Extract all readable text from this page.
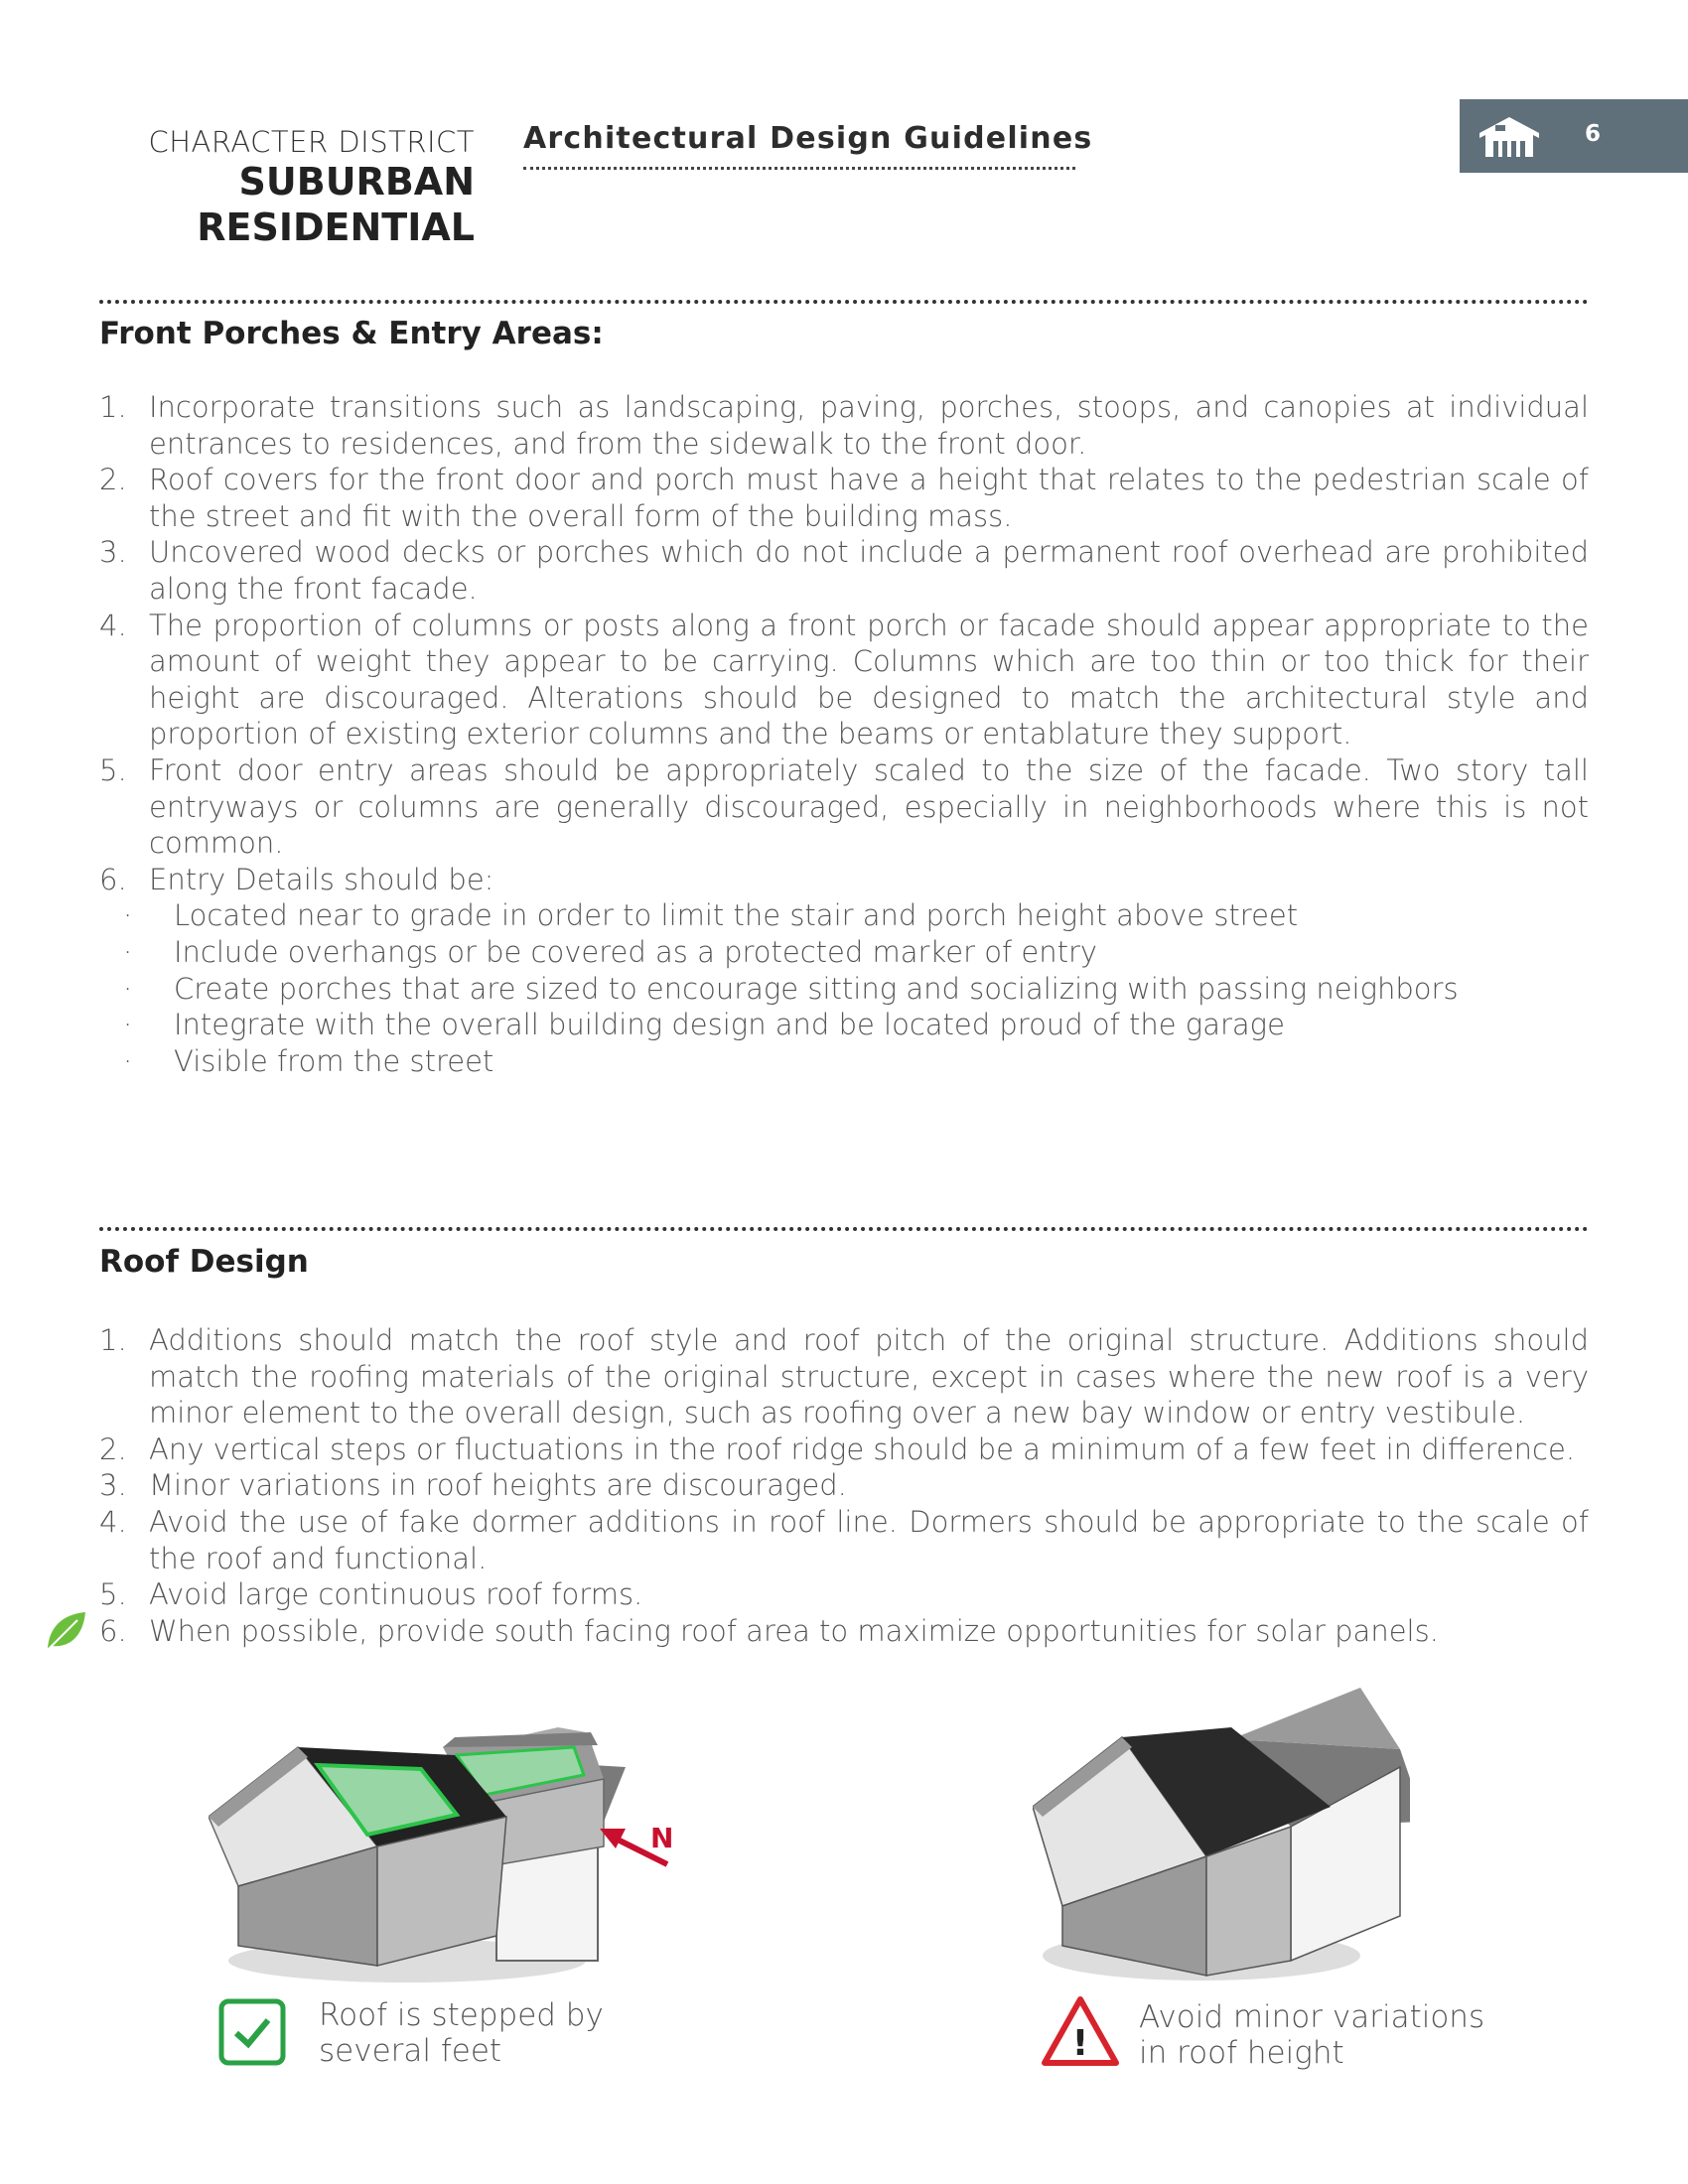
CHARACTER DISTRICT
SUBURBAN
RESIDENTIAL
Architectural Design Guidelines	6
Front Porches & Entry Areas:
1. Incorporate transitions such as landscaping, paving, porches, stoops, and canopies at individual entrances to residences, and from the sidewalk to the front door.
2. Roof covers for the front door and porch must have a height that relates to the pedestrian scale of the street and fit with the overall form of the building mass.
3. Uncovered wood decks or porches which do not include a permanent roof overhead are prohibited along the front facade.
4. The proportion of columns or posts along a front porch or facade should appear appropriate to the amount of weight they appear to be carrying. Columns which are too thin or too thick for their height are discouraged. Alterations should be designed to match the architectural style and proportion of existing exterior columns and the beams or entablature they support.
5. Front door entry areas should be appropriately scaled to the size of the facade. Two story tall entryways or columns are generally discouraged, especially in neighborhoods where this is not common.
6. Entry Details should be:
· Located near to grade in order to limit the stair and porch height above street
· Include overhangs or be covered as a protected marker of entry
· Create porches that are sized to encourage sitting and socializing with passing neighbors
· Integrate with the overall building design and be located proud of the garage
· Visible from the street
Roof Design
1. Additions should match the roof style and roof pitch of the original structure. Additions should match the roofing materials of the original structure, except in cases where the new roof is a very minor element to the overall design, such as roofing over a new bay window or entry vestibule.
2. Any vertical steps or fluctuations in the roof ridge should be a minimum of a few feet in difference.
3. Minor variations in roof heights are discouraged.
4. Avoid the use of fake dormer additions in roof line. Dormers should be appropriate to the scale of the roof and functional.
5. Avoid large continuous roof forms.
6. When possible, provide south facing roof area to maximize opportunities for solar panels.
N
Roof is stepped by
several feet	!
Avoid minor variations
in roof height
